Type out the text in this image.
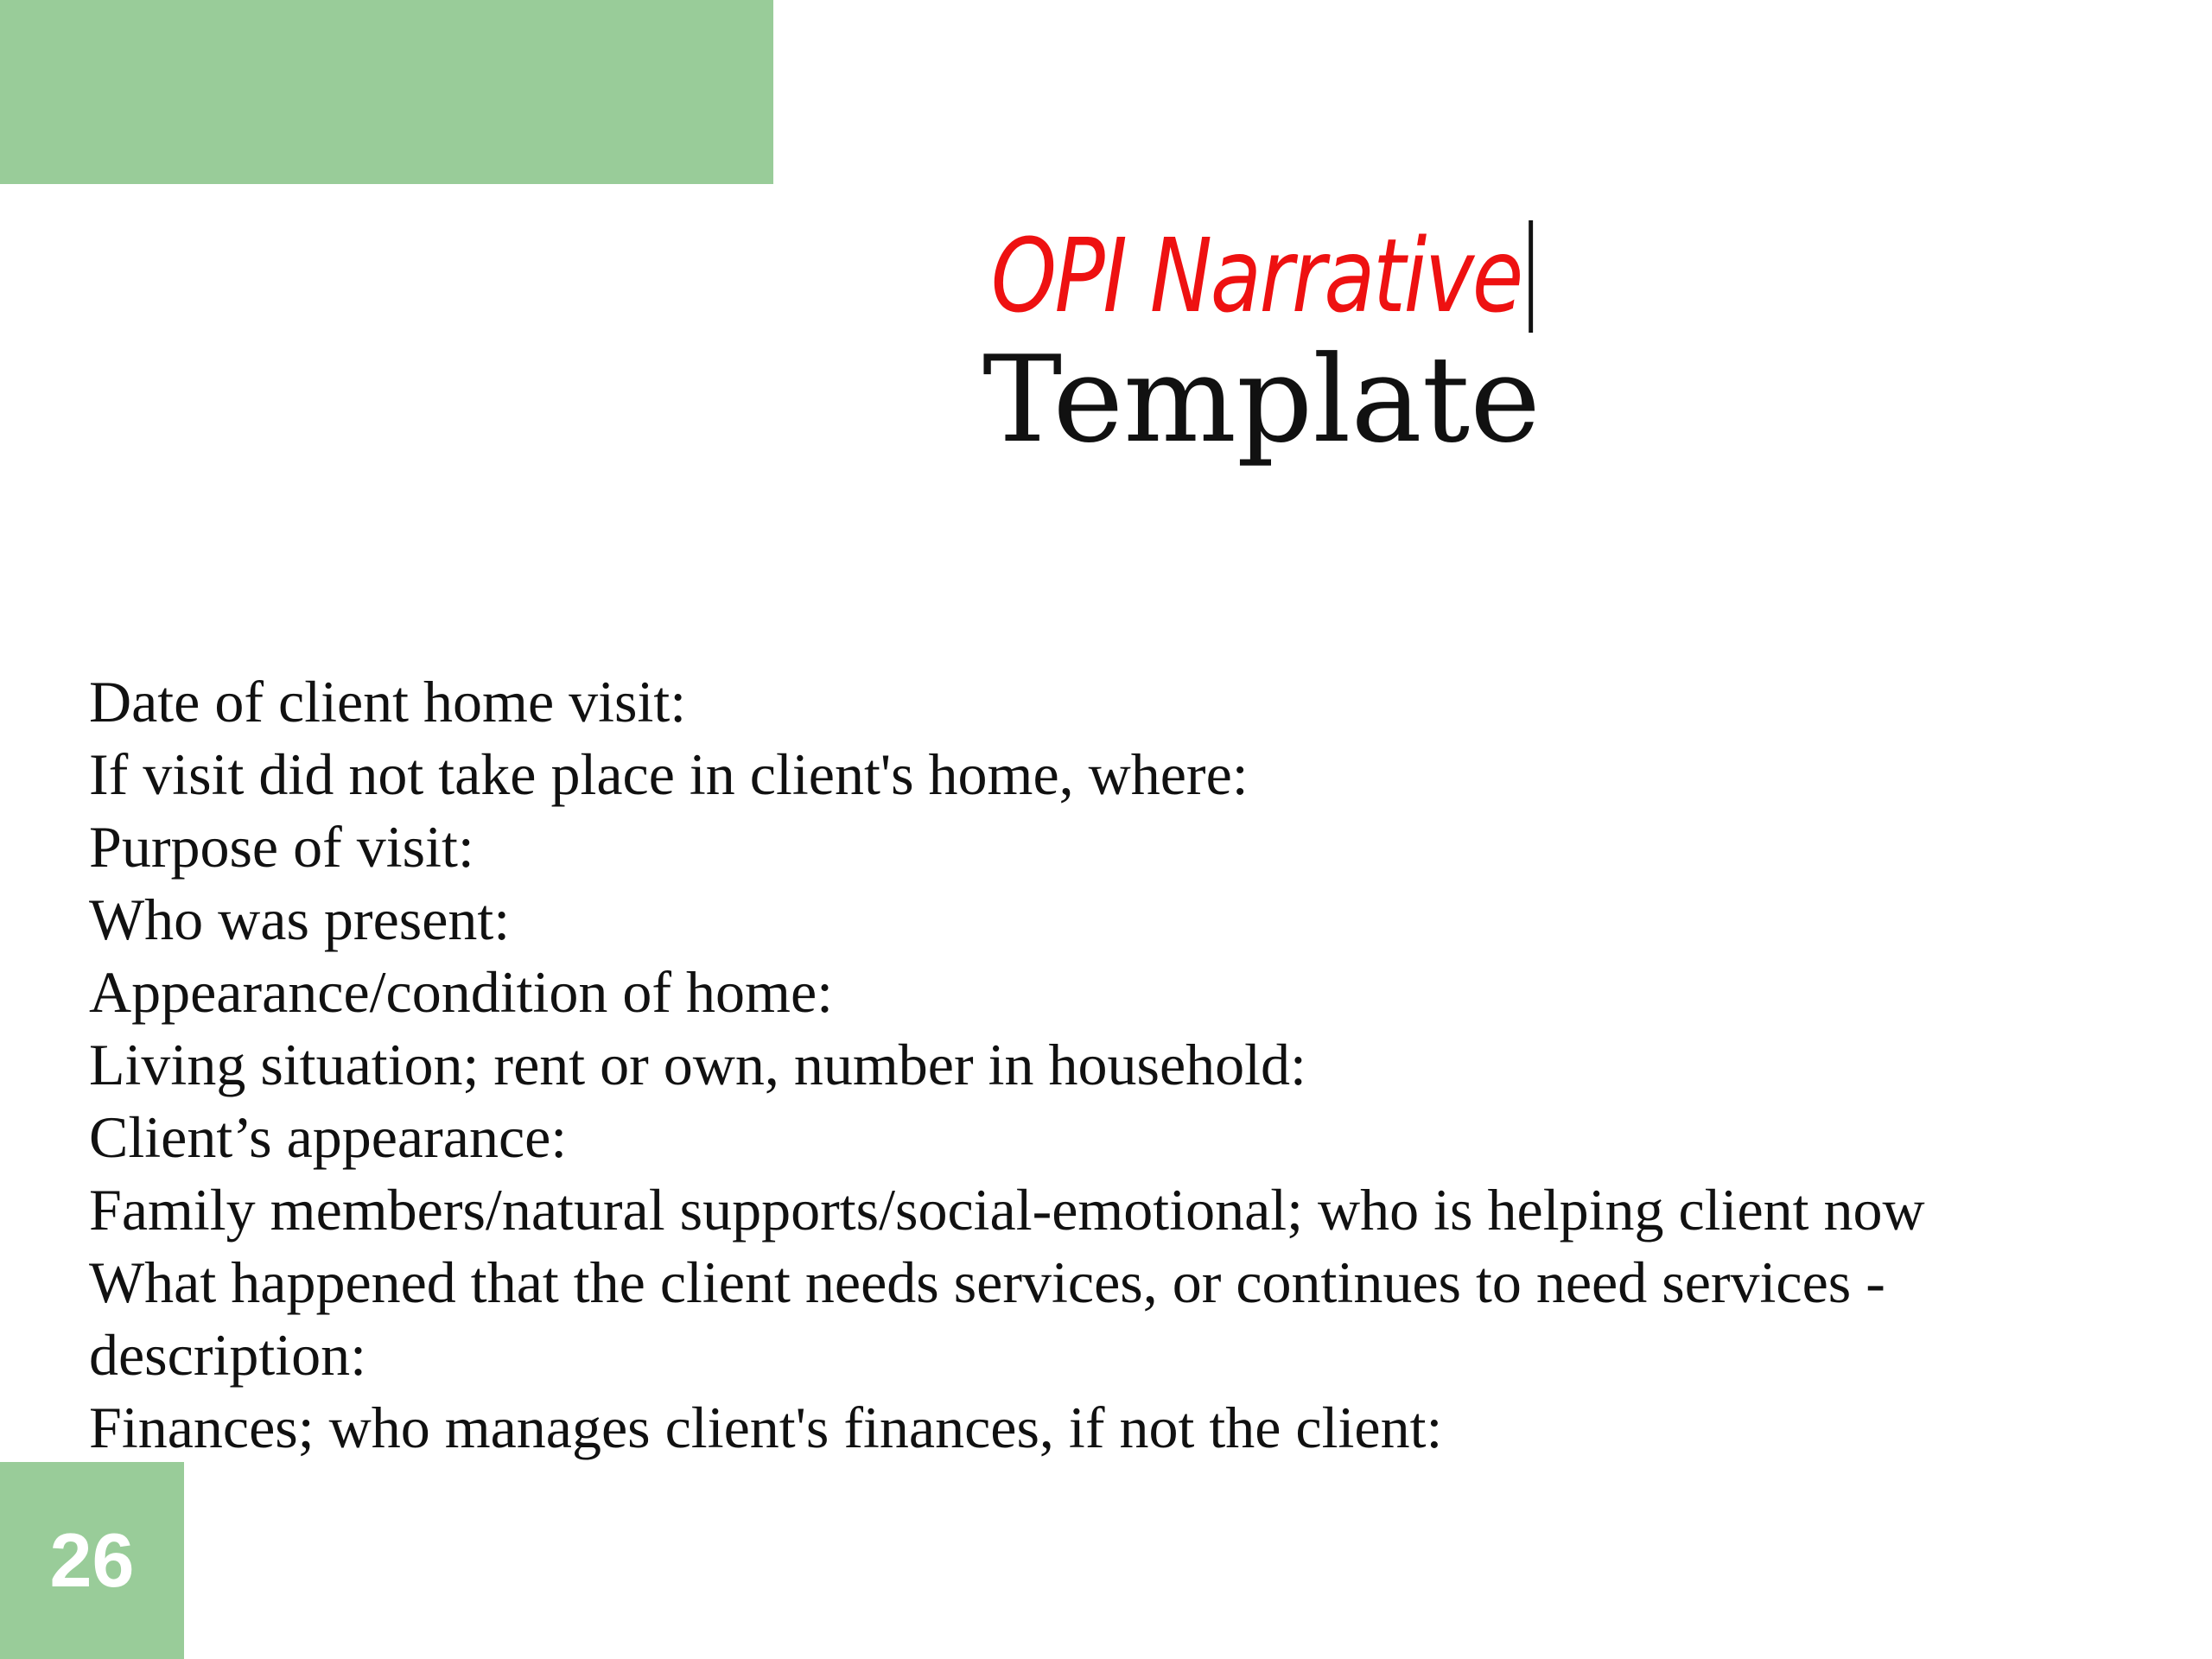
OPI Narrative
Template
Date of client home visit:
If visit did not take place in client's home, where:
Purpose of visit:
Who was present:
Appearance/condition of home:
Living situation; rent or own, number in household:
Client’s appearance:
Family members/natural supports/social-emotional; who is helping client now
What happened that the client needs services, or continues to need services -
description:
Finances; who manages client's finances, if not the client:
26
